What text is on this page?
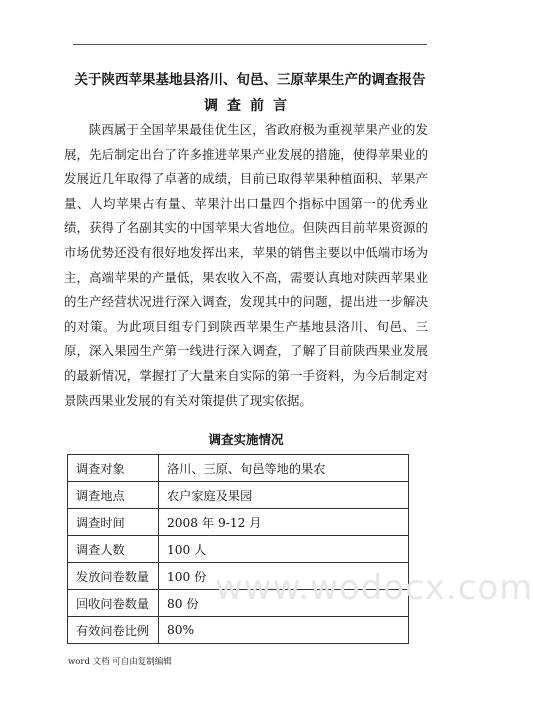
关于陕西苹果基地县洛川、旬邑、三原苹果生产的调查报告
调查前言

陕西属于全国苹果最佳优生区，省政府极为重视苹果产业的发展，先后制定出台了许多推进苹果产业发展的措施，使得苹果业的发展近几年取得了卓著的成绩，目前已取得苹果种植面积、苹果产量、人均苹果占有量、苹果汁出口量四个指标中国第一的优秀业绩，获得了名副其实的中国苹果大省地位。但陕西目前苹果资源的市场优势还没有很好地发挥出来，苹果的销售主要以中低端市场为主，高端苹果的产量低，果农收入不高，需要认真地对陕西苹果业的生产经营状况进行深入调查，发现其中的问题，提出进一步解决的对策。为此项目组专门到陕西苹果生产基地县洛川、旬邑、三原，深入果园生产第一线进行深入调查，了解了目前陕西果业发展的最新情况，掌握打了大量来自实际的第一手资料，为今后制定对景陕西果业发展的有关对策提供了现实依据。

调查实施情况
调查对象	洛川、三原、旬邑等地的果农
调查地点	农户家庭及果园
调查时间	2008 年 9-12 月
调查人数	100 人
发放问卷数量	100 份
回收问卷数量	80 份
有效问卷比例	80%
www.wodocx.com
word 文档 可自由复制编辑
